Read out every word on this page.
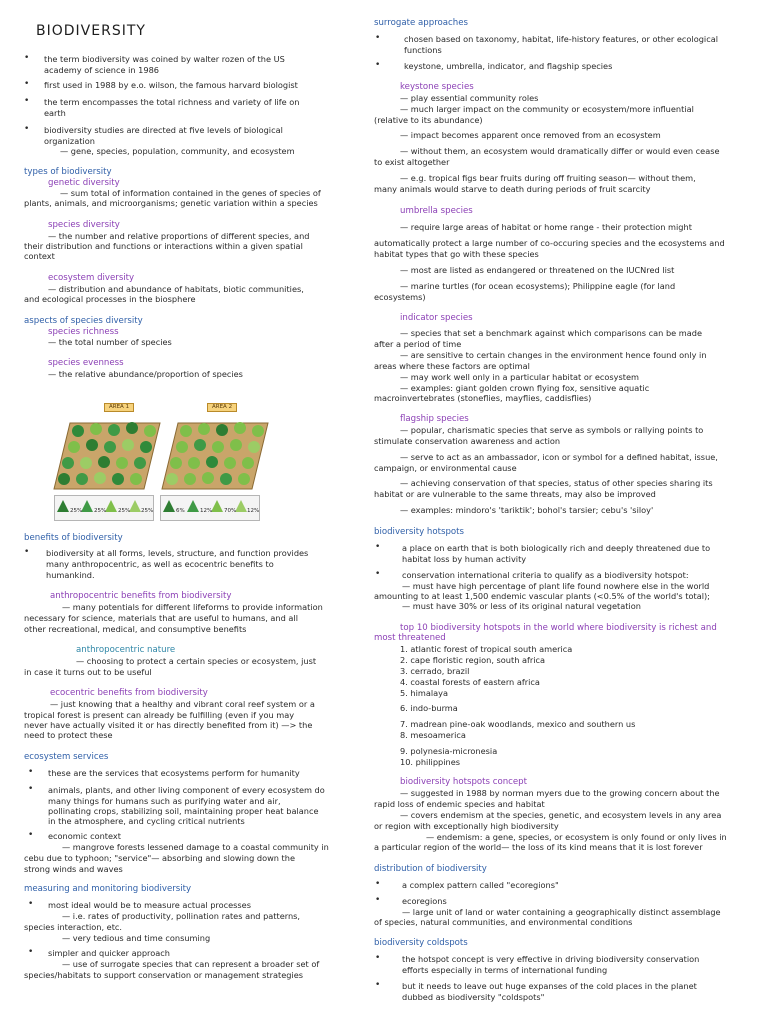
BIODIVERSITY
• the term biodiversity was coined by walter rozen of the US
academy of science in 1986
• first used in 1988 by e.o. wilson, the famous harvard biologist
• the term encompasses the total richness and variety of life on
earth
• biodiversity studies are directed at five levels of biological
organization
— gene, species, population, community, and ecosystem
types of biodiversity
genetic diversity
— sum total of information contained in the genes of species of
plants, animals, and microorganisms; genetic variation within a species
species diversity
— the number and relative proportions of different species, and
their distribution and functions or interactions within a given spatial
context
ecosystem diversity
— distribution and abundance of habitats, biotic communities,
and ecological processes in the biosphere
aspects of species diversity
species richness
— the total number of species
species evenness
— the relative abundance/proportion of species
AREA 1	AREA 2
25% 25% 25% 25%	6%	12% 70% 12%
benefits of biodiversity
• biodiversity at all forms, levels, structure, and function provides
many anthropocentric, as well as ecocentric benefits to
humankind.
anthropocentric benefits from biodiversity
— many potentials for different lifeforms to provide information
necessary for science, materials that are useful to humans, and all
other recreational, medical, and consumptive benefits
anthropocentric nature
— choosing to protect a certain species or ecosystem, just
in case it turns out to be useful
ecocentric benefits from biodiversity
— just knowing that a healthy and vibrant coral reef system or a
tropical forest is present can already be fulfilling (even if you may
never have actually visited it or has directly benefited from it) —> the
need to protect these
ecosystem services
• these are the services that ecosystems perform for humanity
• animals, plants, and other living component of every ecosystem do
many things for humans such as purifying water and air,
pollinating crops, stabilizing soil, maintaining proper heat balance
in the atmosphere, and cycling critical nutrients
• economic context
— mangrove forests lessened damage to a coastal community in
cebu due to typhoon; "service"— absorbing and slowing down the
strong winds and waves
measuring and monitoring biodiversity
• most ideal would be to measure actual processes
— i.e. rates of productivity, pollination rates and patterns,
species interaction, etc.
— very tedious and time consuming
• simpler and quicker approach
— use of surrogate species that can represent a broader set of
species/habitats to support conservation or management strategies
surrogate approaches
•	chosen based on taxonomy, habitat, life-history features, or other ecological
functions
•	keystone, umbrella, indicator, and flagship species
keystone species
— play essential community roles
— much larger impact on the community or ecosystem/more influential
(relative to its abundance)
— impact becomes apparent once removed from an ecosystem
— without them, an ecosystem would dramatically differ or would even cease
to exist altogether
— e.g. tropical figs bear fruits during off fruiting season— without them,
many animals would starve to death during periods of fruit scarcity
umbrella species
— require large areas of habitat or home range - their protection might
automatically protect a large number of co-occuring species and the ecosystems and
habitat types that go with these species
— most are listed as endangered or threatened on the IUCNred list
— marine turtles (for ocean ecosystems); Philippine eagle (for land
ecosystems)
indicator species
— species that set a benchmark against which comparisons can be made
after a period of time
— are sensitive to certain changes in the environment hence found only in
areas where these factors are optimal
— may work well only in a particular habitat or ecosystem
— examples: giant golden crown flying fox, sensitive aquatic
macroinvertebrates (stoneflies, mayflies, caddisflies)
flagship species
— popular, charismatic species that serve as symbols or rallying points to
stimulate conservation awareness and action
— serve to act as an ambassador, icon or symbol for a defined habitat, issue,
campaign, or environmental cause
— achieving conservation of that species, status of other species sharing its
habitat or are vulnerable to the same threats, may also be improved
— examples: mindoro's 'tariktik'; bohol's tarsier; cebu's 'siloy'
biodiversity hotspots
•	a place on earth that is both biologically rich and deeply threatened due to
habitat loss by human activity
•	conservation international criteria to qualify as a biodiversity hotspot:
— must have high percentage of plant life found nowhere else in the world
amounting to at least 1,500 endemic vascular plants (<0.5% of the world's total);
— must have 30% or less of its original natural vegetation
top 10 biodiversity hotspots in the world where biodiversity is richest and
most threatened
1. atlantic forest of tropical south america
2. cape floristic region, south africa
3. cerrado, brazil
4. coastal forests of eastern africa
5. himalaya
6. indo-burma
7. madrean pine-oak woodlands, mexico and southern us
8. mesoamerica
9. polynesia-micronesia
10. philippines
biodiversity hotspots concept
— suggested in 1988 by norman myers due to the growing concern about the
rapid loss of endemic species and habitat
— covers endemism at the species, genetic, and ecosystem levels in any area
or region with exceptionally high biodiversity
— endemism: a gene, species, or ecosystem is only found or only lives in
a particular region of the world— the loss of its kind means that it is lost forever
distribution of biodiversity
•	a complex pattern called "ecoregions"
•	ecoregions
— large unit of land or water containing a geographically distinct assemblage
of species, natural communities, and environmental conditions
biodiversity coldspots
•	the hotspot concept is very effective in driving biodiversity conservation
efforts especially in terms of international funding
•	but it needs to leave out huge expanses of the cold places in the planet
dubbed as biodiversity "coldspots"
